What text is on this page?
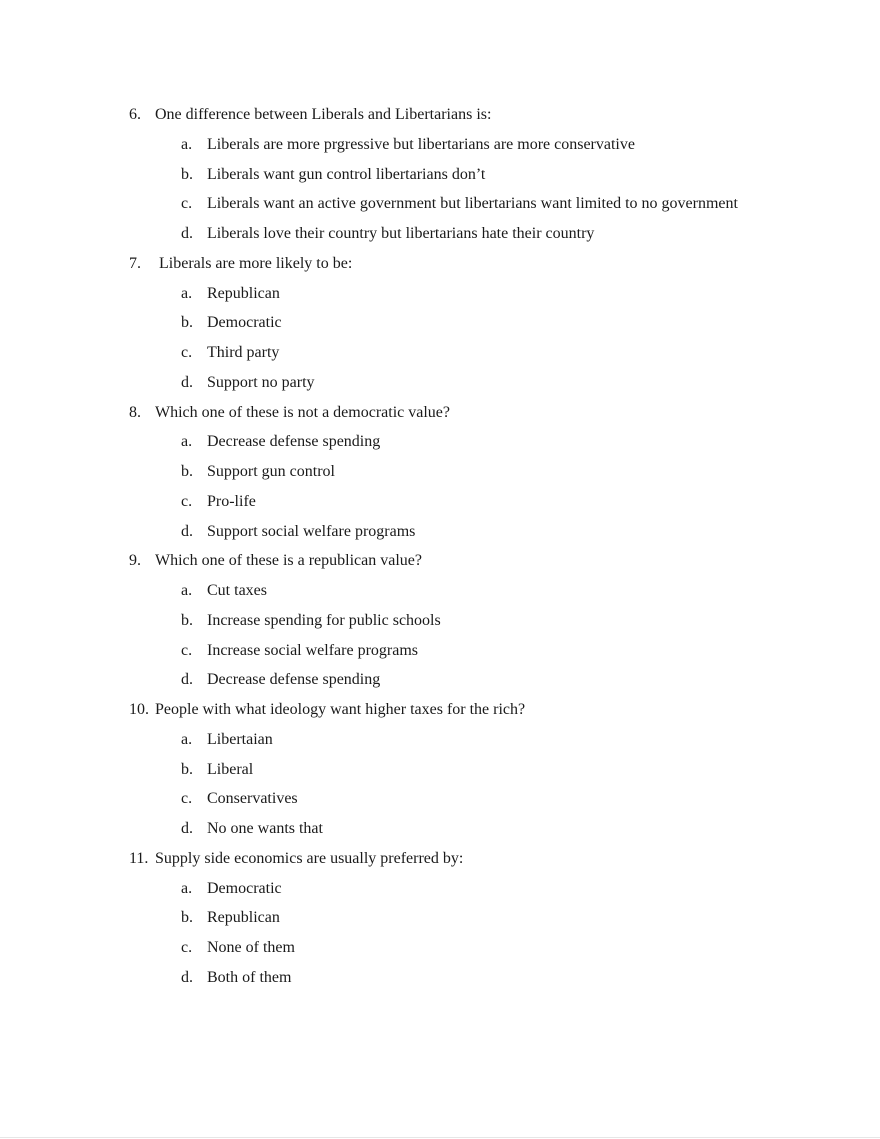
6. One difference between Liberals and Libertarians is:
a. Liberals are more prgressive but libertarians are more conservative
b. Liberals want gun control libertarians don’t
c. Liberals want an active government but libertarians want limited to no government
d. Liberals love their country but libertarians hate their country
7. Liberals are more likely to be:
a. Republican
b. Democratic
c. Third party
d. Support no party
8. Which one of these is not a democratic value?
a. Decrease defense spending
b. Support gun control
c. Pro-life
d. Support social welfare programs
9. Which one of these is a republican value?
a. Cut taxes
b. Increase spending for public schools
c. Increase social welfare programs
d. Decrease defense spending
10. People with what ideology want higher taxes for the rich?
a. Libertaian
b. Liberal
c. Conservatives
d. No one wants that
11. Supply side economics are usually preferred by:
a. Democratic
b. Republican
c. None of them
d. Both of them
